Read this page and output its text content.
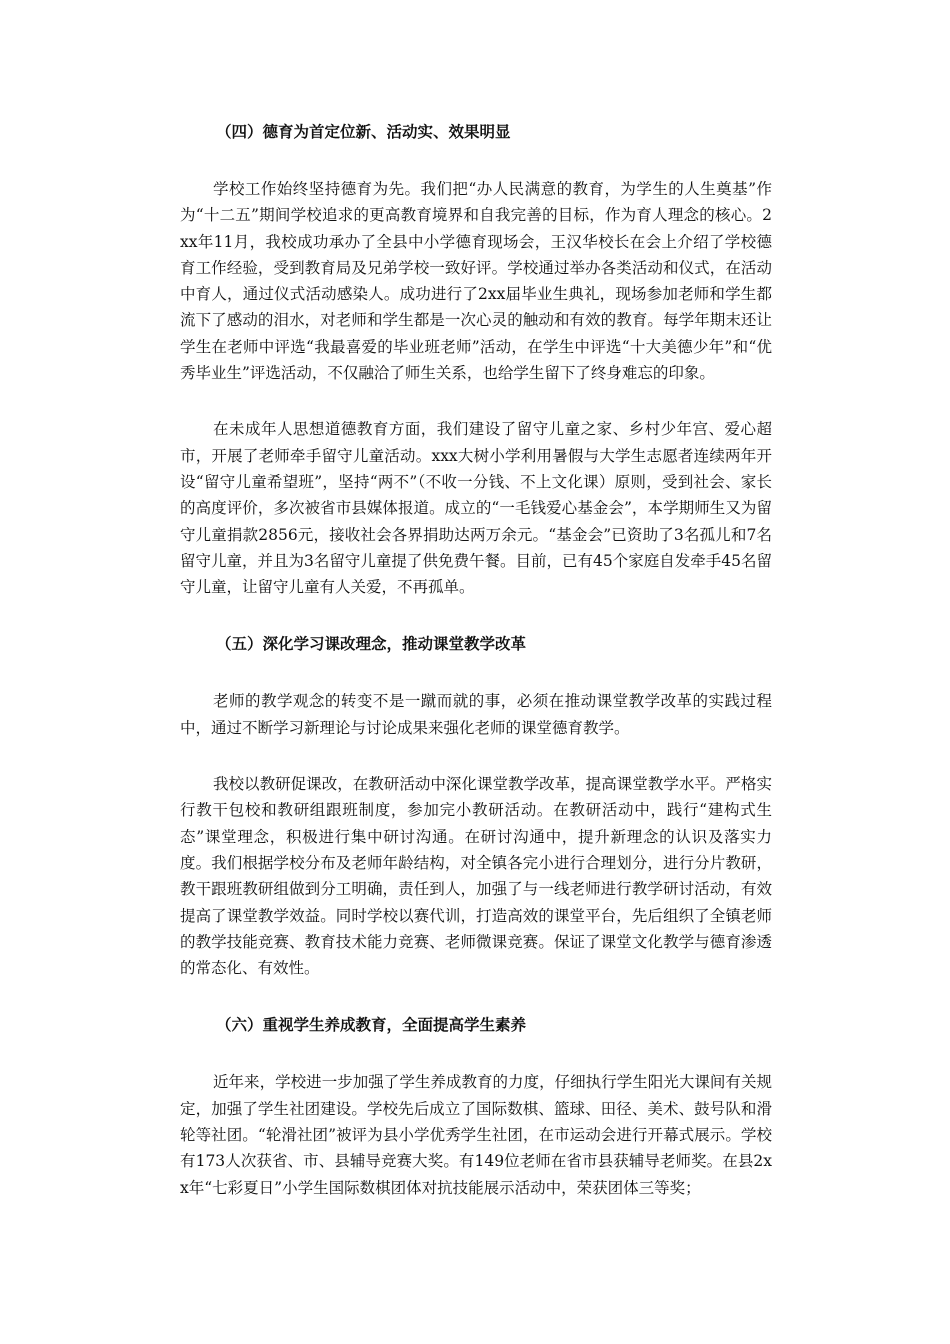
（四）德育为首定位新、活动实、效果明显

学校工作始终坚持德育为先。我们把“办人民满意的教育，为学生的人生奠基”作为“十二五”期间学校追求的更高教育境界和自我完善的目标，作为育人理念的核心。2xx年11月，我校成功承办了全县中小学德育现场会，王汉华校长在会上介绍了学校德育工作经验，受到教育局及兄弟学校一致好评。学校通过举办各类活动和仪式，在活动中育人，通过仪式活动感染人。成功进行了2xx届毕业生典礼，现场参加老师和学生都流下了感动的泪水，对老师和学生都是一次心灵的触动和有效的教育。每学年期末还让学生在老师中评选“我最喜爱的毕业班老师”活动，在学生中评选“十大美德少年”和“优秀毕业生”评选活动，不仅融洽了师生关系，也给学生留下了终身难忘的印象。

在未成年人思想道德教育方面，我们建设了留守儿童之家、乡村少年宫、爱心超市，开展了老师牵手留守儿童活动。xxx大树小学利用暑假与大学生志愿者连续两年开设“留守儿童希望班”，坚持“两不”（不收一分钱、不上文化课）原则，受到社会、家长的高度评价，多次被省市县媒体报道。成立的“一毛钱爱心基金会”，本学期师生又为留守儿童捐款2856元，接收社会各界捐助达两万余元。“基金会”已资助了3名孤儿和7名留守儿童，并且为3名留守儿童提了供免费午餐。目前，已有45个家庭自发牵手45名留守儿童，让留守儿童有人关爱，不再孤单。

（五）深化学习课改理念，推动课堂教学改革

老师的教学观念的转变不是一蹴而就的事，必须在推动课堂教学改革的实践过程中，通过不断学习新理论与讨论成果来强化老师的课堂德育教学。

我校以教研促课改，在教研活动中深化课堂教学改革，提高课堂教学水平。严格实行教干包校和教研组跟班制度，参加完小教研活动。在教研活动中，践行“建构式生态”课堂理念，积极进行集中研讨沟通。在研讨沟通中，提升新理念的认识及落实力度。我们根据学校分布及老师年龄结构，对全镇各完小进行合理划分，进行分片教研，教干跟班教研组做到分工明确，责任到人，加强了与一线老师进行教学研讨活动，有效提高了课堂教学效益。同时学校以赛代训，打造高效的课堂平台，先后组织了全镇老师的教学技能竞赛、教育技术能力竞赛、老师微课竞赛。保证了课堂文化教学与德育渗透的常态化、有效性。

（六）重视学生养成教育，全面提高学生素养

近年来，学校进一步加强了学生养成教育的力度，仔细执行学生阳光大课间有关规定，加强了学生社团建设。学校先后成立了国际数棋、篮球、田径、美术、鼓号队和滑轮等社团。“轮滑社团”被评为县小学优秀学生社团，在市运动会进行开幕式展示。学校有173人次获省、市、县辅导竞赛大奖。有149位老师在省市县获辅导老师奖。在县2xx年“七彩夏日”小学生国际数棋团体对抗技能展示活动中，荣获团体三等奖；
